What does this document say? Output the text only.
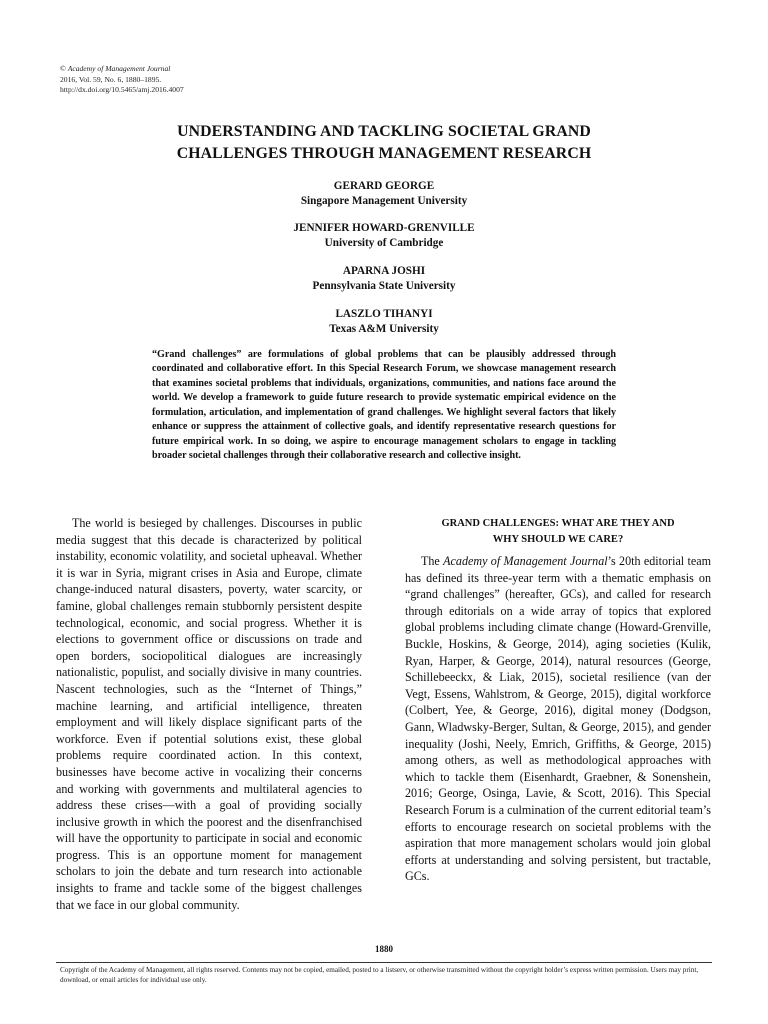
© Academy of Management Journal
2016, Vol. 59, No. 6, 1880–1895.
http://dx.doi.org/10.5465/amj.2016.4007
UNDERSTANDING AND TACKLING SOCIETAL GRAND
CHALLENGES THROUGH MANAGEMENT RESEARCH
GERARD GEORGE
Singapore Management University
JENNIFER HOWARD-GRENVILLE
University of Cambridge
APARNA JOSHI
Pennsylvania State University
LASZLO TIHANYI
Texas A&M University
“Grand challenges” are formulations of global problems that can be plausibly addressed through coordinated and collaborative effort. In this Special Research Forum, we showcase management research that examines societal problems that individuals, organizations, communities, and nations face around the world. We develop a framework to guide future research to provide systematic empirical evidence on the formulation, articulation, and implementation of grand challenges. We highlight several factors that likely enhance or suppress the attainment of collective goals, and identify representative research questions for future empirical work. In so doing, we aspire to encourage management scholars to engage in tackling broader societal challenges through their collaborative research and collective insight.
The world is besieged by challenges. Discourses in public media suggest that this decade is characterized by political instability, economic volatility, and societal upheaval. Whether it is war in Syria, migrant crises in Asia and Europe, climate change-induced natural disasters, poverty, water scarcity, or famine, global challenges remain stubbornly persistent despite technological, economic, and social progress. Whether it is elections to government office or discussions on trade and open borders, sociopolitical dialogues are increasingly nationalistic, populist, and socially divisive in many countries. Nascent technologies, such as the “Internet of Things,” machine learning, and artificial intelligence, threaten employment and will likely displace significant parts of the workforce. Even if potential solutions exist, these global problems require coordinated action. In this context, businesses have become active in vocalizing their concerns and working with governments and multilateral agencies to address these crises—with a goal of providing socially inclusive growth in which the poorest and the disenfranchised will have the opportunity to participate in social and economic progress. This is an opportune moment for management scholars to join the debate and turn research into actionable insights to frame and tackle some of the biggest challenges that we face in our global community.
GRAND CHALLENGES: WHAT ARE THEY AND
WHY SHOULD WE CARE?
The Academy of Management Journal’s 20th editorial team has defined its three-year term with a thematic emphasis on “grand challenges” (hereafter, GCs), and called for research through editorials on a wide array of topics that explored global problems including climate change (Howard-Grenville, Buckle, Hoskins, & George, 2014), aging societies (Kulik, Ryan, Harper, & George, 2014), natural resources (George, Schillebeeckx, & Liak, 2015), societal resilience (van der Vegt, Essens, Wahlstrom, & George, 2015), digital workforce (Colbert, Yee, & George, 2016), digital money (Dodgson, Gann, Wladwsky-Berger, Sultan, & George, 2015), and gender inequality (Joshi, Neely, Emrich, Griffiths, & George, 2015) among others, as well as methodological approaches with which to tackle them (Eisenhardt, Graebner, & Sonenshein, 2016; George, Osinga, Lavie, & Scott, 2016). This Special Research Forum is a culmination of the current editorial team’s efforts to encourage research on societal problems with the aspiration that more management scholars would join global efforts at understanding and solving persistent, but tractable, GCs.
1880
Copyright of the Academy of Management, all rights reserved. Contents may not be copied, emailed, posted to a listserv, or otherwise transmitted without the copyright holder’s express written permission. Users may print, download, or email articles for individual use only.
